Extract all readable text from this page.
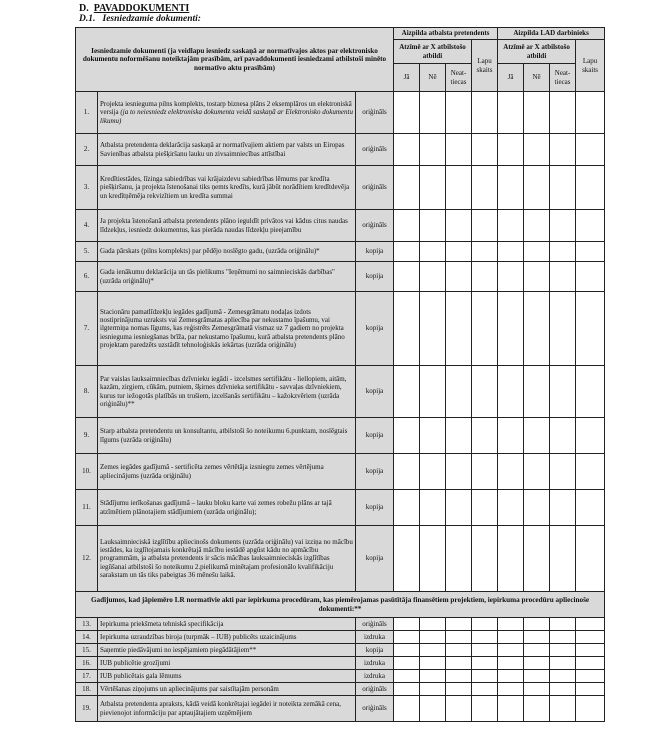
D. PAVADDOKUMENTI
D.1. Iesniedzamie dokumenti:
Iesniedzamie dokumenti (ja veidlapu iesniedz saskaņā ar normatīvajos aktos par elektronisko dokumentu noformēšanu noteiktajām prasībām, arī pavaddokumenti iesniedzami atbilstoši minēto normatīvo aktu prasībām)			Aizpilda atbalsta pretendents				Aizpilda LAD darbinieks			
			Atzīmē ar X atbilstošo atbildi			Lapu skaits	Atzīmē ar X atbilstošo atbildi			Lapu skaits
			Jā	Nē	Neat-tiecas		Jā	Nē	Neat-tiecas	
1.	Projekta iesnieguma pilns komplekts, tostarp biznesa plāns 2 eksemplāros un elektroniskā versija (ja to neiesniedz elektroniska dokumenta veidā saskaņā ar Elektronisko dokumentu likumu)	oriģināls								
2.	Atbalsta pretendenta deklarācija saskaņā ar normatīvajiem aktiem par valsts un Eiropas Savienības atbalsta piešķiršanu lauku un zivsaimniecības attīstībai	oriģināls								
3.	Kredītiestādes, līzinga sabiedrības vai krājaizdevu sabiedrības lēmums par kredīta piešķiršanu, ja projekta īstenošanai tiks ņemts kredīts, kurā jābūt norādītiem kredītdevēja un kredītņēmēja rekvizītiem un kredīta summai	oriģināls								
4.	Ja projekta īstenošanā atbalsta pretendents plāno ieguldīt privātos vai kādus citus naudas līdzekļus, iesniedz dokumentus, kas pierāda naudas līdzekļu pieejamību	oriģināls								
5.	Gada pārskats (pilns komplekts) par pēdējo noslēgto gadu, (uzrāda oriģinālu)*	kopija								
6.	Gada ienākumu deklarācija un tās pielikums "Ieņēmumi no saimnieciskās darbības" (uzrāda oriģinālu)*	kopija								
7.	Stacionāru pamatlīdzekļu iegādes gadījumā - Zemesgrāmatu nodaļas izdots nostiprinājuma uzraksts vai Zemesgrāmatas apliecība par nekustamo īpašumu, vai ilgtermiņa nomas līgums, kas reģistrēts Zemesgrāmatā vismaz uz 7 gadiem no projekta iesnieguma iesniegšanas brīža, par nekustamo īpašumu, kurā atbalsta pretendents plāno projektam paredzēts uzstādīt tehnoloģiskās iekārtas (uzrāda oriģinālu)	kopija								
8.	Par vaislas lauksaimniecības dzīvnieku iegādi - izcelsmes sertifikātu - liellopiem, aitām, kazām, zirgiem, cūkām, putniem, šķirnes dzīvnieka sertifikātu - savvaļas dzīvniekiem, kurus tur iežogotās platībās un trušiem, izcelšanās sertifikātu – kažokzvēriem (uzrāda oriģinālu)**	kopija								
9.	Starp atbalsta pretendentu un konsultantu, atbilstoši šo noteikumu 6.punktam, noslēgtais līgums (uzrāda oriģinālu)	kopija								
10.	Zemes iegādes gadījumā - sertificēta zemes vērtētāja izsniegtu zemes vērtējuma apliecinājums (uzrāda oriģinālu)	kopija								
11.	Stādījumu ierīkošanas gadījumā – lauku bloku karte vai zemes robežu plāns ar tajā atzīmētiem plānotajiem stādījumiem (uzrāda oriģinālu);	kopija								
12.	Lauksaimnieciskā izglītību apliecinošs dokuments (uzrāda oriģinālu) vai izziņa no mācību iestādes, ka izglītojamais konkrētajā mācību iestādē apgūst kādu no apmācību programmām, ja atbalsta pretendents ir sācis mācības lauksaimnieciskās izglītības iegūšanai atbilstoši šo noteikumu 2.pielikumā minētajam profesionālo kvalifikāciju sarakstam un tās tiks pabeigtas 36 mēnešu laikā.	kopija								
Gadījumos, kad jāpiemēro LR normatīvie akti par iepirkuma procedūram, kas piemērojamas pasūtītāja finansētiem projektiem, iepirkuma procedūru apliecinoše dokumenti:**										
13.	Iepirkuma priekšmeta tehniskā specifikācija	oriģināls								
14.	Iepirkuma uzraudzības biroja (turpmāk – IUB) publicēts uzaicinājums	izdruka								
15.	Saņemtie piedāvājumi no iespējamiem piegādātājiem**	kopija								
16.	IUB publicētie grozījumi	izdruka								
17.	IUB publicētais gala lēmums	izdruka								
18.	Vērtēšanas ziņojums un apliecinājums par saistītajām personām	oriģināls								
19.	Atbalsta pretendenta apraksts, kādā veidā konkrētajai iegādei ir noteikta zemākā cena, pievienojot informāciju par aptaujātajiem uzņēmējiem	oriģināls								
